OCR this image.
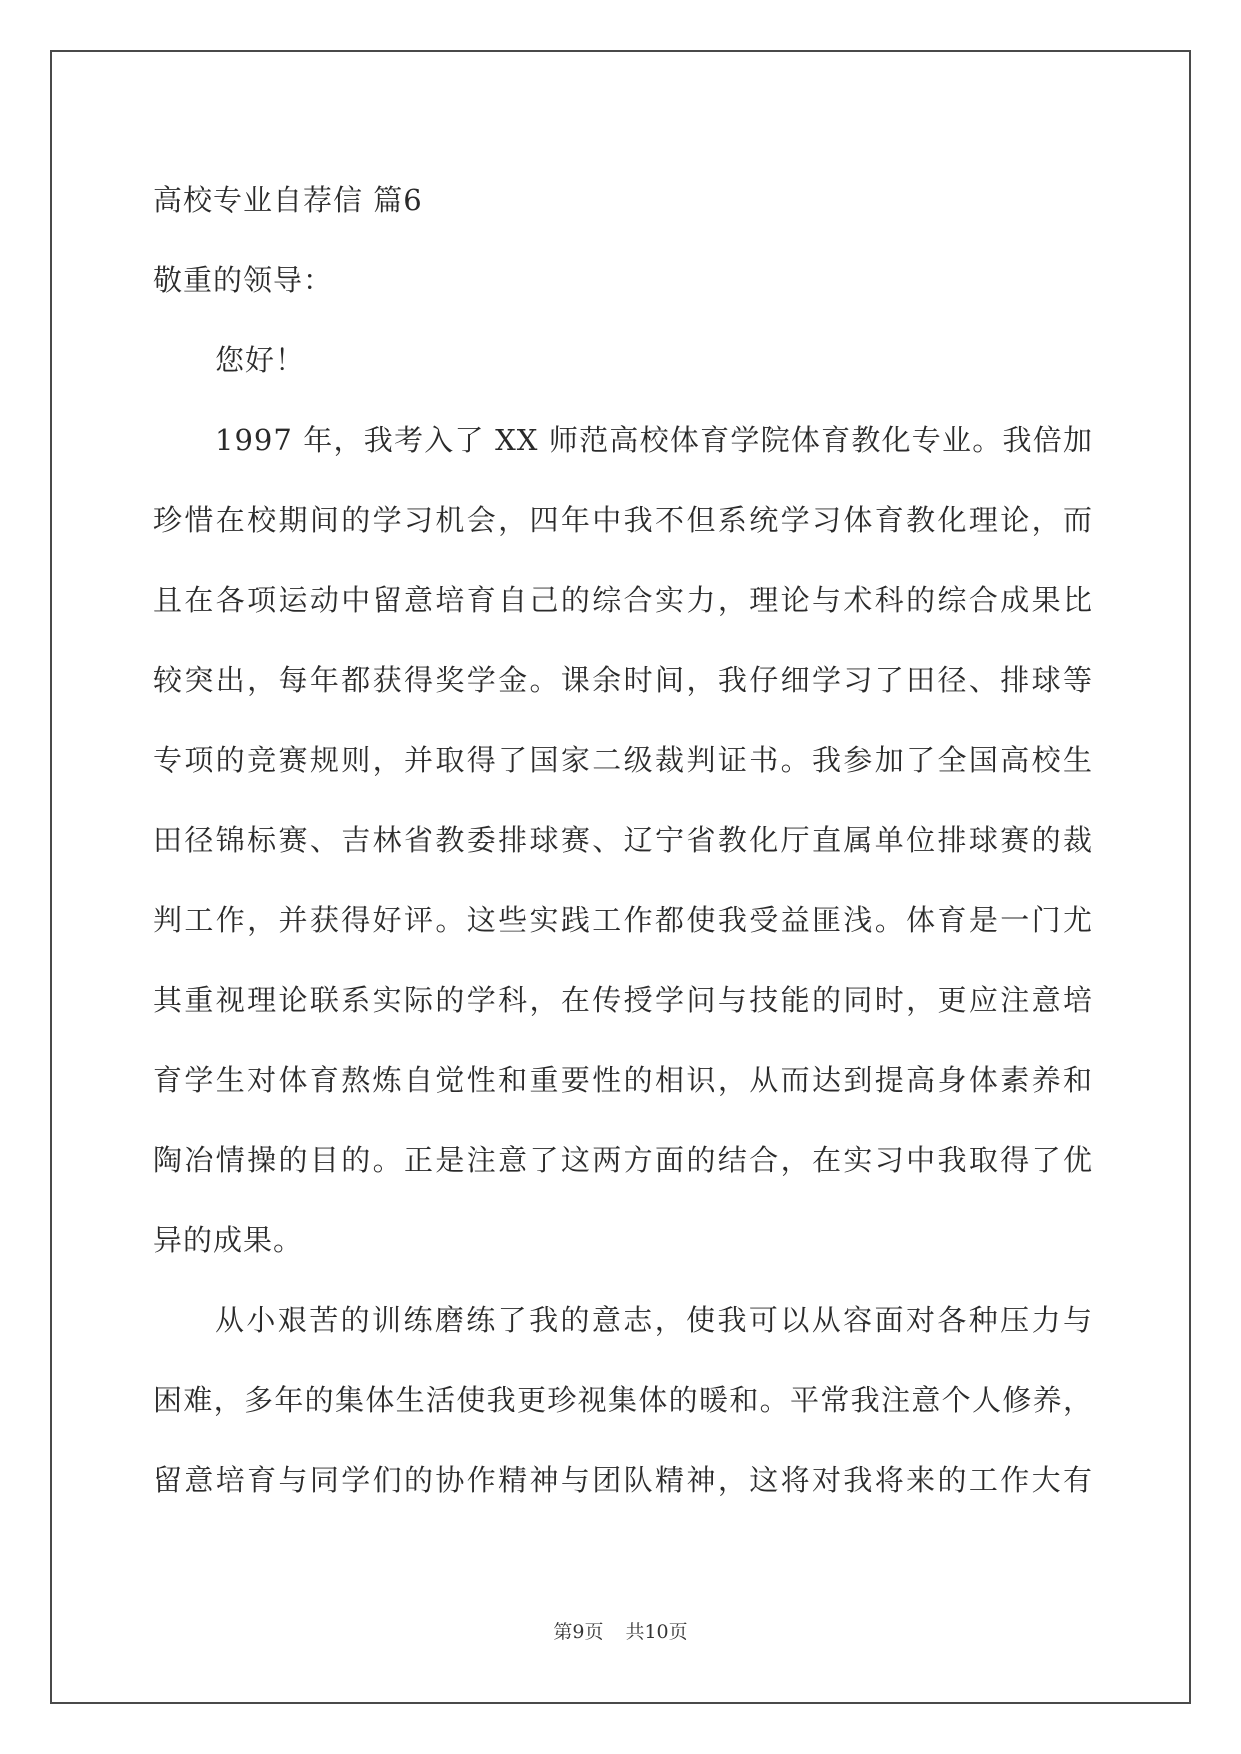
高校专业自荐信 篇6
敬重的领导：
您好！
1997 年，我考入了 XX 师范高校体育学院体育教化专业。我倍加
珍惜在校期间的学习机会，四年中我不但系统学习体育教化理论，而
且在各项运动中留意培育自己的综合实力，理论与术科的综合成果比
较突出，每年都获得奖学金。课余时间，我仔细学习了田径、排球等
专项的竞赛规则，并取得了国家二级裁判证书。我参加了全国高校生
田径锦标赛、吉林省教委排球赛、辽宁省教化厅直属单位排球赛的裁
判工作，并获得好评。这些实践工作都使我受益匪浅。体育是一门尤
其重视理论联系实际的学科，在传授学问与技能的同时，更应注意培
育学生对体育熬炼自觉性和重要性的相识，从而达到提高身体素养和
陶冶情操的目的。正是注意了这两方面的结合，在实习中我取得了优
异的成果。
从小艰苦的训练磨练了我的意志，使我可以从容面对各种压力与
困难，多年的集体生活使我更珍视集体的暖和。平常我注意个人修养，
留意培育与同学们的协作精神与团队精神，这将对我将来的工作大有
第9页 共10页
